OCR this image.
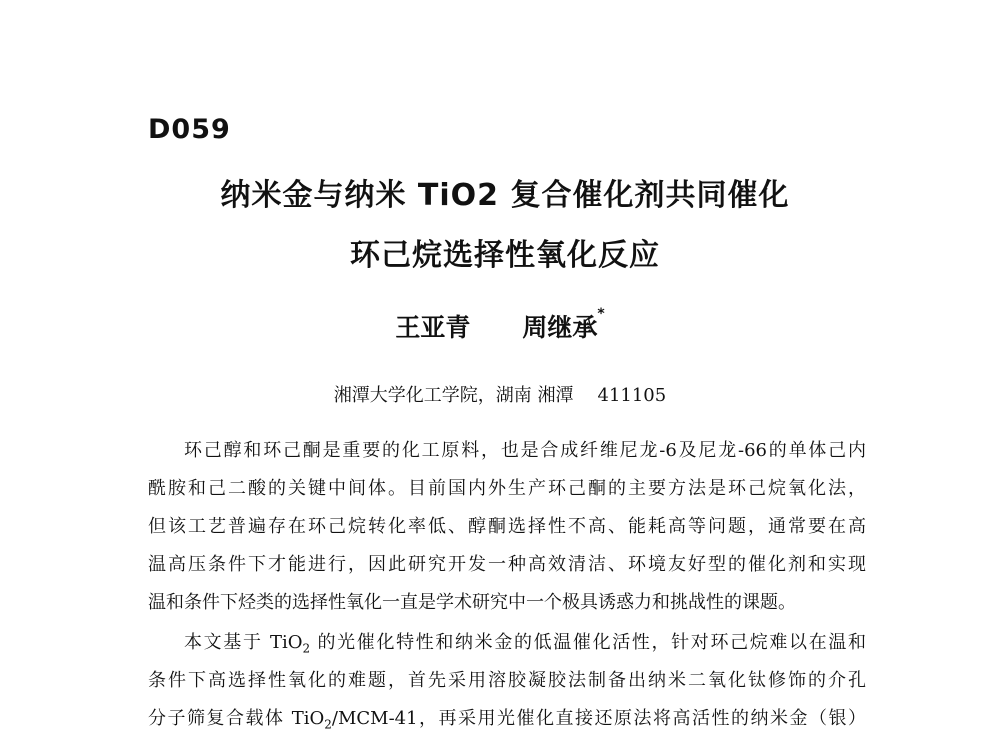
D059
纳米金与纳米 TiO2 复合催化剂共同催化
环己烷选择性氧化反应
王亚青 周继承*
湘潭大学化工学院，湖南 湘潭 411105
环己醇和环己酮是重要的化工原料，也是合成纤维尼龙-6及尼龙-66的单体己内
酰胺和己二酸的关键中间体。目前国内外生产环己酮的主要方法是环己烷氧化法，
但该工艺普遍存在环己烷转化率低、醇酮选择性不高、能耗高等问题，通常要在高
温高压条件下才能进行，因此研究开发一种高效清洁、环境友好型的催化剂和实现
温和条件下烃类的选择性氧化一直是学术研究中一个极具诱惑力和挑战性的课题。
本文基于 TiO$_2$ 的光催化特性和纳米金的低温催化活性，针对环己烷难以在温和
条件下高选择性氧化的难题，首先采用溶胶凝胶法制备出纳米二氧化钛修饰的介孔
分子筛复合载体 TiO$_2$/MCM-41，再采用光催化直接还原法将高活性的纳米金（银）
